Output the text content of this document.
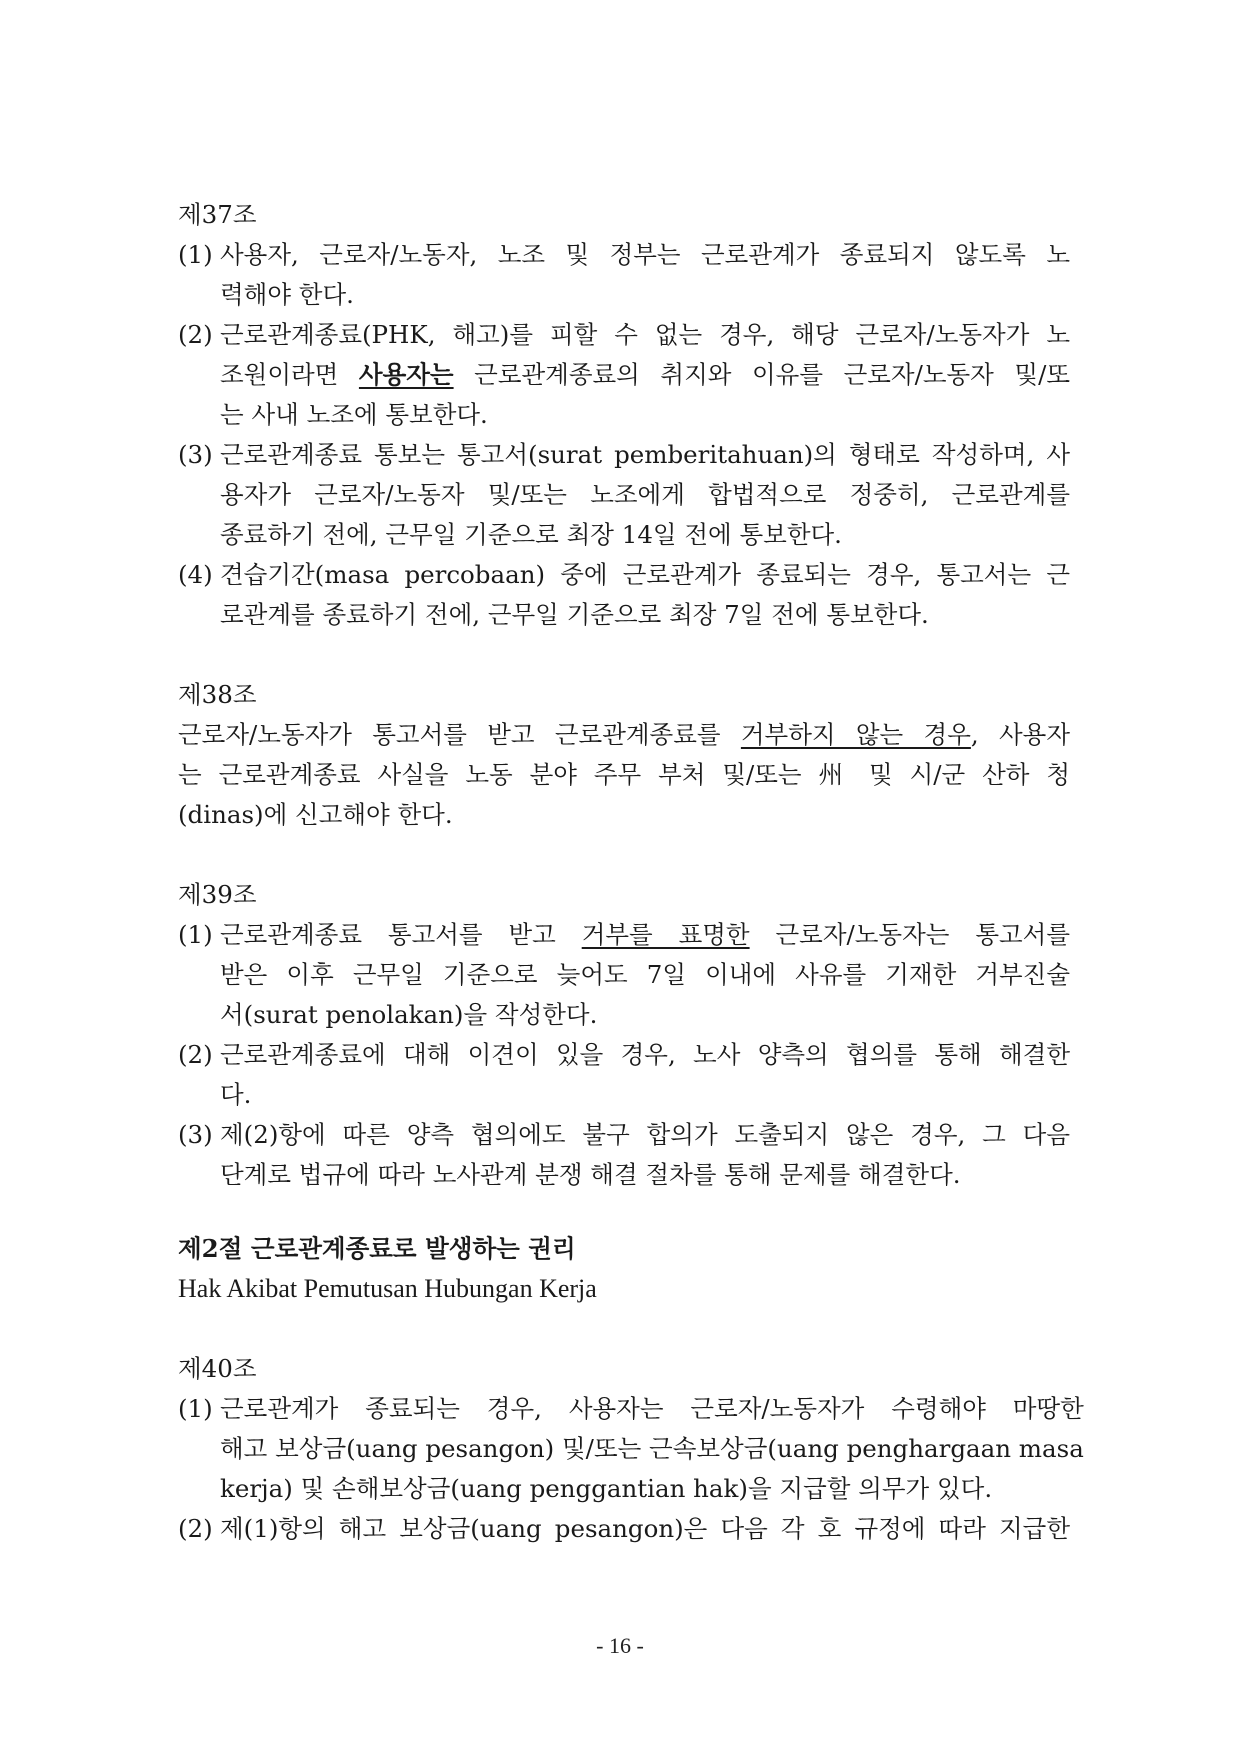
제37조
(1) 사용자, 근로자/노동자, 노조 및 정부는 근로관계가 종료되지 않도록 노
력해야 한다.
(2) 근로관계종료(PHK, 해고)를 피할 수 없는 경우, 해당 근로자/노동자가 노
조원이라면 사용자는 근로관계종료의 취지와 이유를 근로자/노동자 및/또
는 사내 노조에 통보한다.
(3) 근로관계종료 통보는 통고서(surat pemberitahuan)의 형태로 작성하며, 사
용자가 근로자/노동자 및/또는 노조에게 합법적으로 정중히, 근로관계를
종료하기 전에, 근무일 기준으로 최장 14일 전에 통보한다.
(4) 견습기간(masa percobaan) 중에 근로관계가 종료되는 경우, 통고서는 근
로관계를 종료하기 전에, 근무일 기준으로 최장 7일 전에 통보한다.
제38조
근로자/노동자가 통고서를 받고 근로관계종료를 거부하지 않는 경우, 사용자
는 근로관계종료 사실을 노동 분야 주무 부처 및/또는 州 및 시/군 산하 청
(dinas)에 신고해야 한다.
제39조
(1) 근로관계종료 통고서를 받고 거부를 표명한 근로자/노동자는 통고서를
받은 이후 근무일 기준으로 늦어도 7일 이내에 사유를 기재한 거부진술
서(surat penolakan)을 작성한다.
(2) 근로관계종료에 대해 이견이 있을 경우, 노사 양측의 협의를 통해 해결한
다.
(3) 제(2)항에 따른 양측 협의에도 불구 합의가 도출되지 않은 경우, 그 다음
단계로 법규에 따라 노사관계 분쟁 해결 절차를 통해 문제를 해결한다.
제2절 근로관계종료로 발생하는 권리
Hak Akibat Pemutusan Hubungan Kerja
제40조
(1) 근로관계가 종료되는 경우, 사용자는 근로자/노동자가 수령해야 마땅한
해고 보상금(uang pesangon) 및/또는 근속보상금(uang penghargaan masa
kerja) 및 손해보상금(uang penggantian hak)을 지급할 의무가 있다.
(2) 제(1)항의 해고 보상금(uang pesangon)은 다음 각 호 규정에 따라 지급한
- 16 -
